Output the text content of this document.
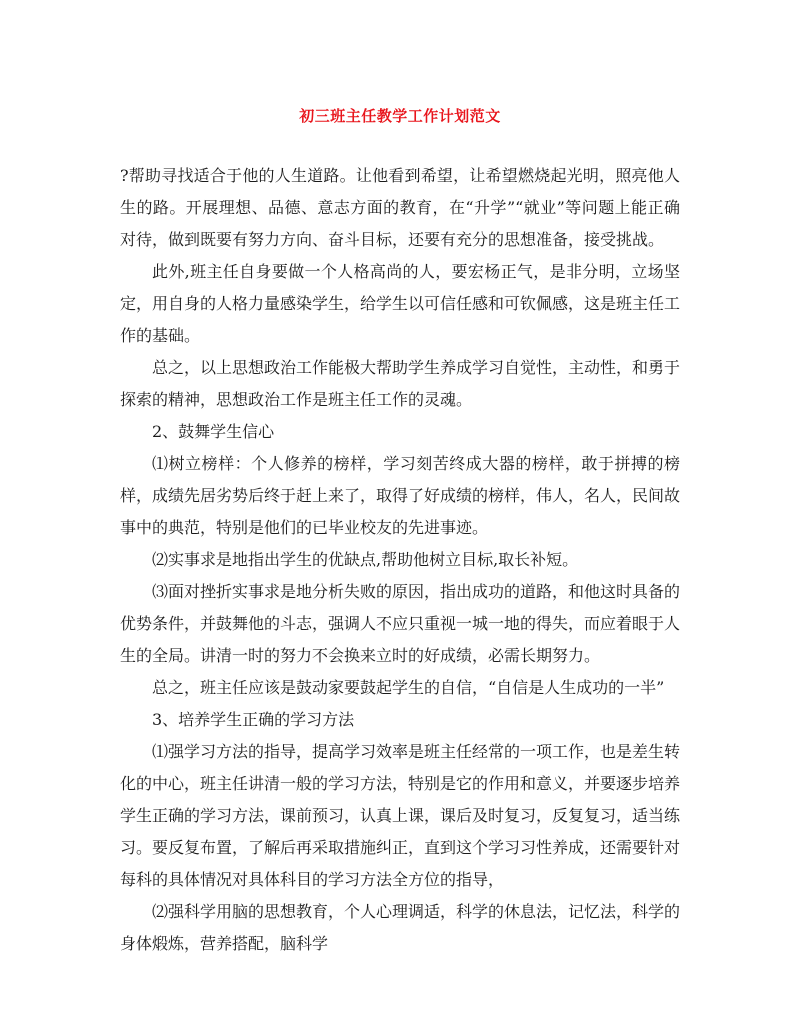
初三班主任教学工作计划范文

?帮助寻找适合于他的人生道路。让他看到希望，让希望燃烧起光明，照亮他人生的路。开展理想、品德、意志方面的教育，在“升学”“就业”等问题上能正确对待，做到既要有努力方向、奋斗目标，还要有充分的思想准备，接受挑战。

此外,班主任自身要做一个人格高尚的人，要宏杨正气，是非分明，立场坚定，用自身的人格力量感染学生，给学生以可信任感和可钦佩感，这是班主任工作的基础。

总之，以上思想政治工作能极大帮助学生养成学习自觉性，主动性，和勇于探索的精神，思想政治工作是班主任工作的灵魂。

2、鼓舞学生信心

⑴树立榜样：个人修养的榜样，学习刻苦终成大器的榜样，敢于拼搏的榜样，成绩先居劣势后终于赶上来了，取得了好成绩的榜样，伟人，名人，民间故事中的典范，特别是他们的已毕业校友的先进事迹。

⑵实事求是地指出学生的优缺点,帮助他树立目标,取长补短。

⑶面对挫折实事求是地分析失败的原因，指出成功的道路，和他这时具备的优势条件，并鼓舞他的斗志，强调人不应只重视一城一地的得失，而应着眼于人生的全局。讲清一时的努力不会换来立时的好成绩，必需长期努力。

总之，班主任应该是鼓动家要鼓起学生的自信，“自信是人生成功的一半”

3、培养学生正确的学习方法

⑴强学习方法的指导，提高学习效率是班主任经常的一项工作，也是差生转化的中心，班主任讲清一般的学习方法，特别是它的作用和意义，并要逐步培养学生正确的学习方法，课前预习，认真上课，课后及时复习，反复复习，适当练习。要反复布置，了解后再采取措施纠正，直到这个学习习性养成，还需要针对每科的具体情况对具体科目的学习方法全方位的指导，

⑵强科学用脑的思想教育，个人心理调适，科学的休息法，记忆法，科学的身体煅炼，营养搭配，脑科学
